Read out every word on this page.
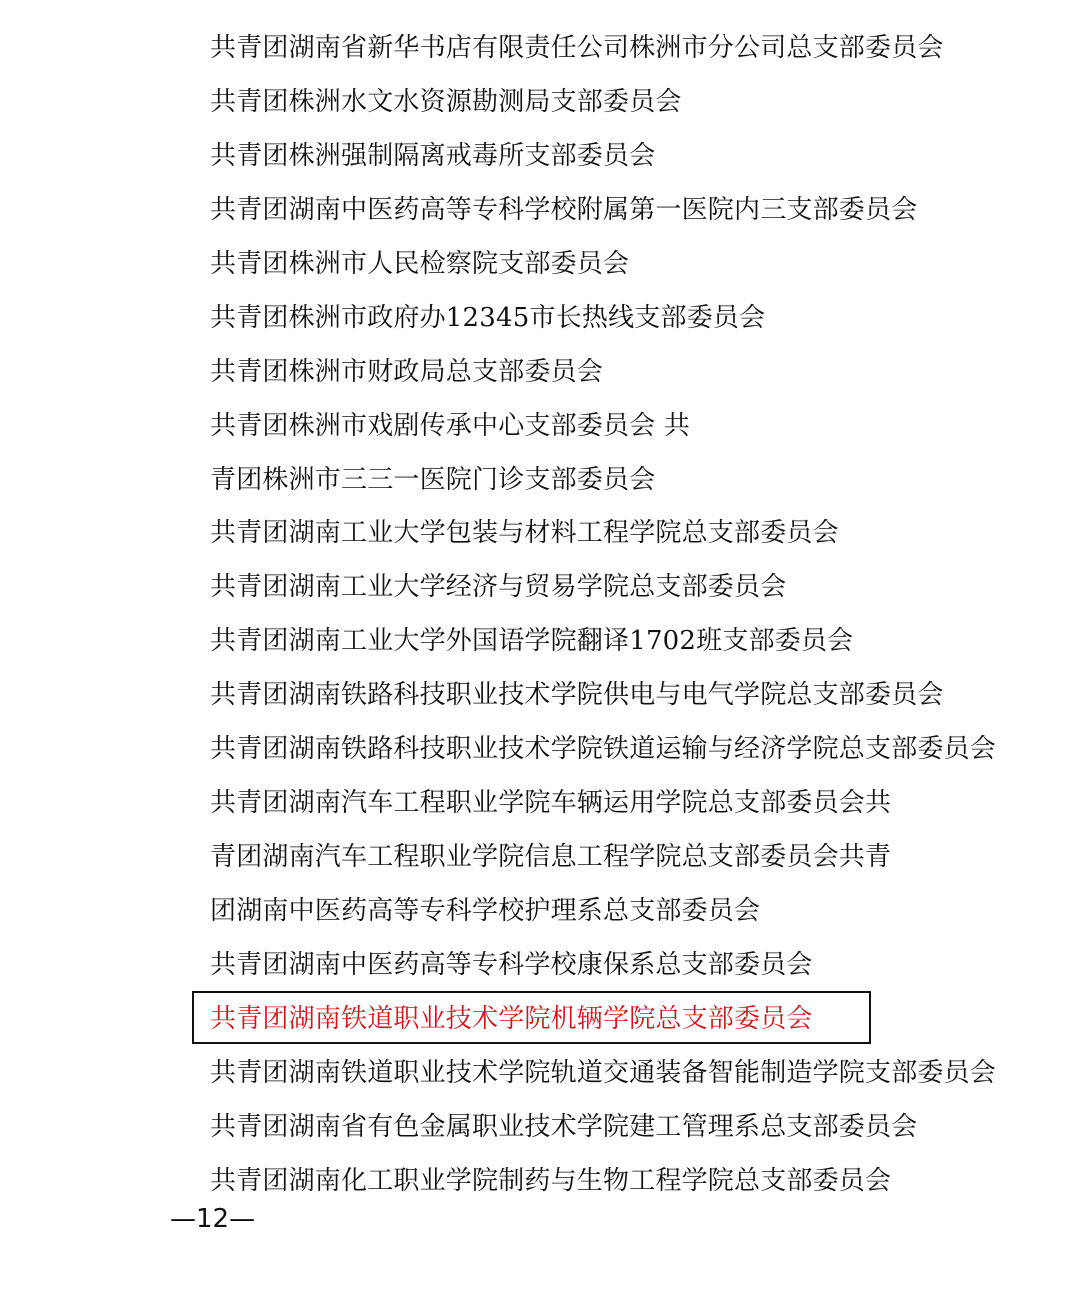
共青团湖南省新华书店有限责任公司株洲市分公司总支部委员会
共青团株洲水文水资源勘测局支部委员会
共青团株洲强制隔离戒毒所支部委员会
共青团湖南中医药高等专科学校附属第一医院内三支部委员会
共青团株洲市人民检察院支部委员会
共青团株洲市政府办12345市长热线支部委员会
共青团株洲市财政局总支部委员会
共青团株洲市戏剧传承中心支部委员会 共
青团株洲市三三一医院门诊支部委员会
共青团湖南工业大学包装与材料工程学院总支部委员会
共青团湖南工业大学经济与贸易学院总支部委员会
共青团湖南工业大学外国语学院翻译1702班支部委员会
共青团湖南铁路科技职业技术学院供电与电气学院总支部委员会
共青团湖南铁路科技职业技术学院铁道运输与经济学院总支部委员会
共青团湖南汽车工程职业学院车辆运用学院总支部委员会共
青团湖南汽车工程职业学院信息工程学院总支部委员会共青
团湖南中医药高等专科学校护理系总支部委员会
共青团湖南中医药高等专科学校康保系总支部委员会
共青团湖南铁道职业技术学院机辆学院总支部委员会
共青团湖南铁道职业技术学院轨道交通装备智能制造学院支部委员会
共青团湖南省有色金属职业技术学院建工管理系总支部委员会
共青团湖南化工职业学院制药与生物工程学院总支部委员会
—12—
